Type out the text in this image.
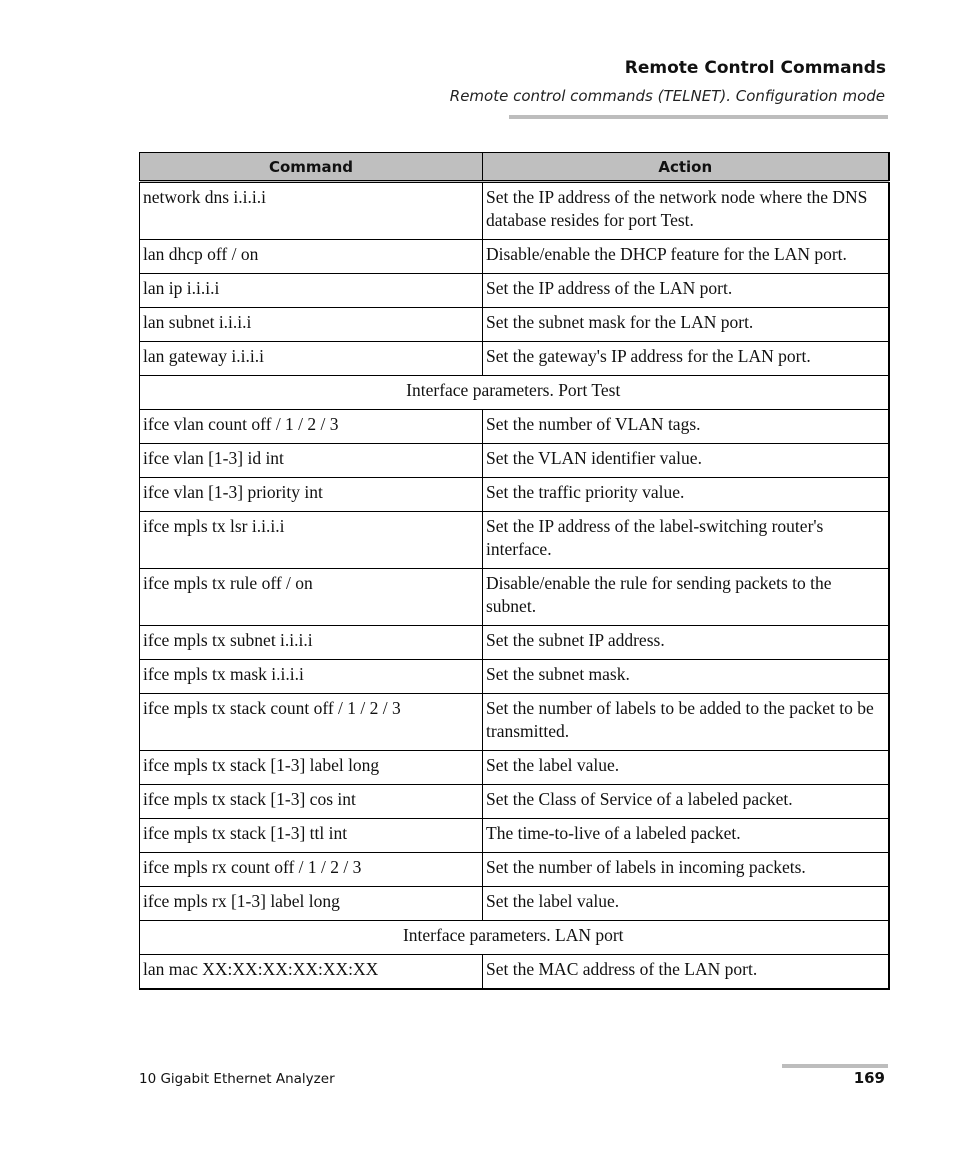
Remote Control Commands
Remote control commands (TELNET). Configuration mode
Command	Action
network dns i.i.i.i	Set the IP address of the network node where the DNS database resides for port Test.
lan dhcp off / on	Disable/enable the DHCP feature for the LAN port.
lan ip i.i.i.i	Set the IP address of the LAN port.
lan subnet i.i.i.i	Set the subnet mask for the LAN port.
lan gateway i.i.i.i	Set the gateway's IP address for the LAN port.
Interface parameters. Port Test	
ifce vlan count off / 1 / 2 / 3	Set the number of VLAN tags.
ifce vlan [1-3] id int	Set the VLAN identifier value.
ifce vlan [1-3] priority int	Set the traffic priority value.
ifce mpls tx lsr i.i.i.i	Set the IP address of the label-switching router's interface.
ifce mpls tx rule off / on	Disable/enable the rule for sending packets to the subnet.
ifce mpls tx subnet i.i.i.i	Set the subnet IP address.
ifce mpls tx mask i.i.i.i	Set the subnet mask.
ifce mpls tx stack count off / 1 / 2 / 3	Set the number of labels to be added to the packet to be transmitted.
ifce mpls tx stack [1-3] label long	Set the label value.
ifce mpls tx stack [1-3] cos int	Set the Class of Service of a labeled packet.
ifce mpls tx stack [1-3] ttl int	The time-to-live of a labeled packet.
ifce mpls rx count off / 1 / 2 / 3	Set the number of labels in incoming packets.
ifce mpls rx [1-3] label long	Set the label value.
Interface parameters. LAN port	
lan mac XX:XX:XX:XX:XX:XX	Set the MAC address of the LAN port.
10 Gigabit Ethernet Analyzer	169
